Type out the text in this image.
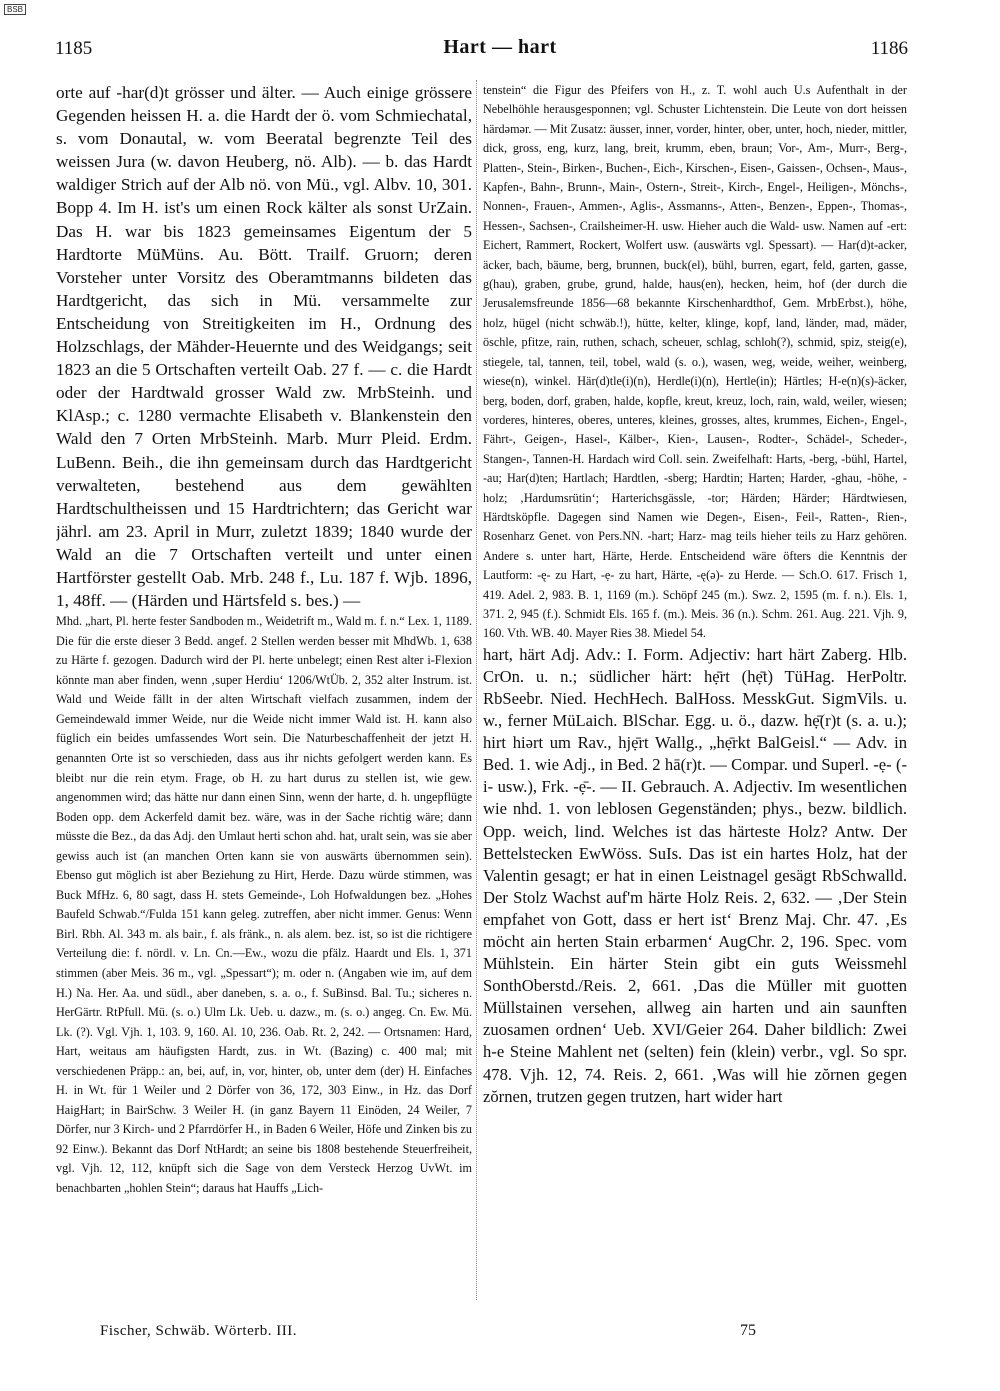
BSB
1185	Hart — hart	1186

orte auf -har(d)t grösser und älter. — Auch einige grössere Gegenden heissen H. a. die Hardt der ö. vom Schmiechatal, s. vom Donautal, w. vom Beeratal begrenzte Teil des weissen Jura (w. davon Heuberg, nö. Alb). — b. das Hardt waldiger Strich auf der Alb nö. von Mü., vgl. Albv. 10, 301. Bopp 4. Im H. ist's um einen Rock kälter als sonst UrZain. Das H. war bis 1823 gemeinsames Eigentum der 5 Hardtorte MüMüns. Au. Bött. Trailf. Gruorn; deren Vorsteher unter Vorsitz des Oberamtmanns bildeten das Hardtgericht, das sich in Mü. versammelte zur Entscheidung von Streitigkeiten im H., Ordnung des Holzschlags, der Mähder-Heuernte und des Weidgangs; seit 1823 an die 5 Ortschaften verteilt Oab. 27 f. — c. die Hardt oder der Hardtwald grosser Wald zw. MrbSteinh. und KlAsp.; c. 1280 vermachte Elisabeth v. Blankenstein den Wald den 7 Orten MrbSteinh. Marb. Murr Pleid. Erdm. LuBenn. Beih., die ihn gemeinsam durch das Hardtgericht verwalteten, bestehend aus dem gewählten Hardtschultheissen und 15 Hardtrichtern; das Gericht war jährl. am 23. April in Murr, zuletzt 1839; 1840 wurde der Wald an die 7 Ortschaften verteilt und unter einen Hartförster gestellt Oab. Mrb. 248 f., Lu. 187 f. Wjb. 1896, 1, 48ff. — (Härden und Härtsfeld s. bes.) —

Mhd. „hart, Pl. herte fester Sandboden m., Weidetrift m., Wald m. f. n.“ Lex. 1, 1189. Die für die erste dieser 3 Bedd. angef. 2 Stellen werden besser mit MhdWb. 1, 638 zu Härte f. gezogen. Dadurch wird der Pl. herte unbelegt; einen Rest alter i-Flexion könnte man aber finden, wenn ‚super Herdiu‘ 1206/WtÜb. 2, 352 alter Instrum. ist. Wald und Weide fällt in der alten Wirtschaft vielfach zusammen, indem der Gemeindewald immer Weide, nur die Weide nicht immer Wald ist. H. kann also füglich ein beides umfassendes Wort sein. Die Naturbeschaffenheit der jetzt H. genannten Orte ist so verschieden, dass aus ihr nichts gefolgert werden kann. Es bleibt nur die rein etym. Frage, ob H. zu hart durus zu stellen ist, wie gew. angenommen wird; das hätte nur dann einen Sinn, wenn der harte, d. h. ungepflügte Boden opp. dem Ackerfeld damit bez. wäre, was in der Sache richtig wäre; dann müsste die Bez., da das Adj. den Umlaut herti schon ahd. hat, uralt sein, was sie aber gewiss auch ist (an manchen Orten kann sie von auswärts übernommen sein). Ebenso gut möglich ist aber Beziehung zu Hirt, Herde. Dazu würde stimmen, was Buck MfHz. 6, 80 sagt, dass H. stets Gemeinde-, Loh Hofwaldungen bez. „Hohes Baufeld Schwab.“/Fulda 151 kann geleg. zutreffen, aber nicht immer. Genus: Wenn Birl. Rbh. Al. 343 m. als bair., f. als fränk., n. als alem. bez. ist, so ist die richtigere Verteilung die: f. nördl. v. Ln. Cn.—Ew., wozu die pfälz. Haardt und Els. 1, 371 stimmen (aber Meis. 36 m., vgl. „Spessart“); m. oder n. (Angaben wie im, auf dem H.) Na. Her. Aa. und südl., aber daneben, s. a. o., f. SuBinsd. Bal. Tu.; sicheres n. HerGärtr. RtPfull. Mü. (s. o.) Ulm Lk. Ueb. u. dazw., m. (s. o.) angeg. Cn. Ew. Mü. Lk. (?). Vgl. Vjh. 1, 103. 9, 160. Al. 10, 236. Oab. Rt. 2, 242. — Ortsnamen: Hard, Hart, weitaus am häufigsten Hardt, zus. in Wt. (Bazing) c. 400 mal; mit verschiedenen Präpp.: an, bei, auf, in, vor, hinter, ob, unter dem (der) H. Einfaches H. in Wt. für 1 Weiler und 2 Dörfer von 36, 172, 303 Einw., in Hz. das Dorf HaigHart; in BairSchw. 3 Weiler H. (in ganz Bayern 11 Einöden, 24 Weiler, 7 Dörfer, nur 3 Kirch- und 2 Pfarrdörfer H., in Baden 6 Weiler, Höfe und Zinken bis zu 92 Einw.). Bekannt das Dorf NtHardt; an seine bis 1808 bestehende Steuerfreiheit, vgl. Vjh. 12, 112, knüpft sich die Sage von dem Versteck Herzog UvWt. im benachbarten „hohlen Stein“; daraus hat Hauffs „Lich-

tenstein“ die Figur des Pfeifers von H., z. T. wohl auch U.s Aufenthalt in der Nebelhöhle herausgesponnen; vgl. Schuster Lichtenstein. Die Leute von dort heissen härdəmər. — Mit Zusatz: äusser, inner, vorder, hinter, ober, unter, hoch, nieder, mittler, dick, gross, eng, kurz, lang, breit, krumm, eben, braun; Vor-, Am-, Murr-, Berg-, Platten-, Stein-, Birken-, Buchen-, Eich-, Kirschen-, Eisen-, Gaissen-, Ochsen-, Maus-, Kapfen-, Bahn-, Brunn-, Main-, Ostern-, Streit-, Kirch-, Engel-, Heiligen-, Mönchs-, Nonnen-, Frauen-, Ammen-, Aglis-, Assmanns-, Atten-, Benzen-, Eppen-, Thomas-, Hessen-, Sachsen-, Crailsheimer-H. usw. Hieher auch die Wald- usw. Namen auf -ert: Eichert, Rammert, Rockert, Wolfert usw. (auswärts vgl. Spessart). — Har(d)t-acker, äcker, bach, bäume, berg, brunnen, buck(el), bühl, burren, egart, feld, garten, gasse, g(hau), graben, grube, grund, halde, haus(en), hecken, heim, hof (der durch die Jerusalemsfreunde 1856—68 bekannte Kirschenhardthof, Gem. MrbErbst.), höhe, holz, hügel (nicht schwäb.!), hütte, kelter, klinge, kopf, land, länder, mad, mäder, öschle, pfitze, rain, ruthen, schach, scheuer, schlag, schloh(?), schmid, spiz, steig(e), stiegele, tal, tannen, teil, tobel, wald (s. o.), wasen, weg, weide, weiher, weinberg, wiese(n), winkel. Här(d)tle(i)(n), Herdle(i)(n), Hertle(in); Härtles; H-e(n)(s)-äcker, berg, boden, dorf, graben, halde, kopfle, kreut, kreuz, loch, rain, wald, weiler, wiesen; vorderes, hinteres, oberes, unteres, kleines, grosses, altes, krummes, Eichen-, Engel-, Fährt-, Geigen-, Hasel-, Kälber-, Kien-, Lausen-, Rodter-, Schädel-, Scheder-, Stangen-, Tannen-H. Hardach wird Coll. sein. Zweifelhaft: Harts, -berg, -bühl, Hartel, -au; Har(d)ten; Hartlach; Hardtlen, -sberg; Hardtin; Harten; Harder, -ghau, -höhe, -holz; ‚Hardumsrütin‘; Harterichsgässle, -tor; Härden; Härder; Härdtwiesen, Härdtsköpfle. Dagegen sind Namen wie Degen-, Eisen-, Feil-, Ratten-, Rien-, Rosenharz Genet. von Pers.NN. -hart; Harz- mag teils hieher teils zu Harz gehören. Andere s. unter hart, Härte, Herde. Entscheidend wäre öfters die Kenntnis der Lautform: -ę- zu Hart, -ẹ- zu hart, Härte, -ę(ə)- zu Herde. — Sch.O. 617. Frisch 1, 419. Adel. 2, 983. B. 1, 1169 (m.). Schöpf 245 (m.). Swz. 2, 1595 (m. f. n.). Els. 1, 371. 2, 945 (f.). Schmidt Els. 165 f. (m.). Meis. 36 (n.). Schm. 261. Aug. 221. Vjh. 9, 160. Vth. WB. 40. Mayer Ries 38. Miedel 54.

hart, härt Adj. Adv.: I. Form. Adjectiv: hart härt Zaberg. Hlb. CrOn. u. n.; südlicher härt: hẹ̄rt (hẹ̄t) TüHag. HerPoltr. RbSeebr. Nied. HechHech. BalHoss. MesskGut. SigmVils. u. w., ferner MüLaich. BlSchar. Egg. u. ö., dazw. hẹ̄(r)t (s. a. u.); hirt hiərt um Rav., hjẹ̄rt Wallg., „hẹ̄rkt BalGeisl.“ — Adv. in Bed. 1. wie Adj., in Bed. 2 hā(r)t. — Compar. und Superl. -ẹ- (-i- usw.), Frk. -ẹ̄-. — II. Gebrauch. A. Adjectiv. Im wesentlichen wie nhd. 1. von leblosen Gegenständen; phys., bezw. bildlich. Opp. weich, lind. Welches ist das härteste Holz? Antw. Der Bettelstecken EwWöss. SuIs. Das ist ein hartes Holz, hat der Valentin gesagt; er hat in einen Leistnagel gesägt RbSchwalld. Der Stolz Wachst auf'm härte Holz Reis. 2, 632. — ‚Der Stein empfahet von Gott, dass er hert ist‘ Brenz Maj. Chr. 47. ‚Es möcht ain herten Stain erbarmen‘ AugChr. 2, 196. Spec. vom Mühlstein. Ein härter Stein gibt ein guts Weissmehl SonthOberstd./Reis. 2, 661. ‚Das die Müller mit guotten Müllstainen versehen, allweg ain harten und ain saunften zuosamen ordnen‘ Ueb. XVI/Geier 264. Daher bildlich: Zwei h-e Steine Mahlent net (selten) fein (klein) verbr., vgl. So spr. 478. Vjh. 12, 74. Reis. 2, 661. ‚Was will hie zŏrnen gegen zŏrnen, trutzen gegen trutzen, hart wider hart

Fischer, Schwäb. Wörterb. III.	75
